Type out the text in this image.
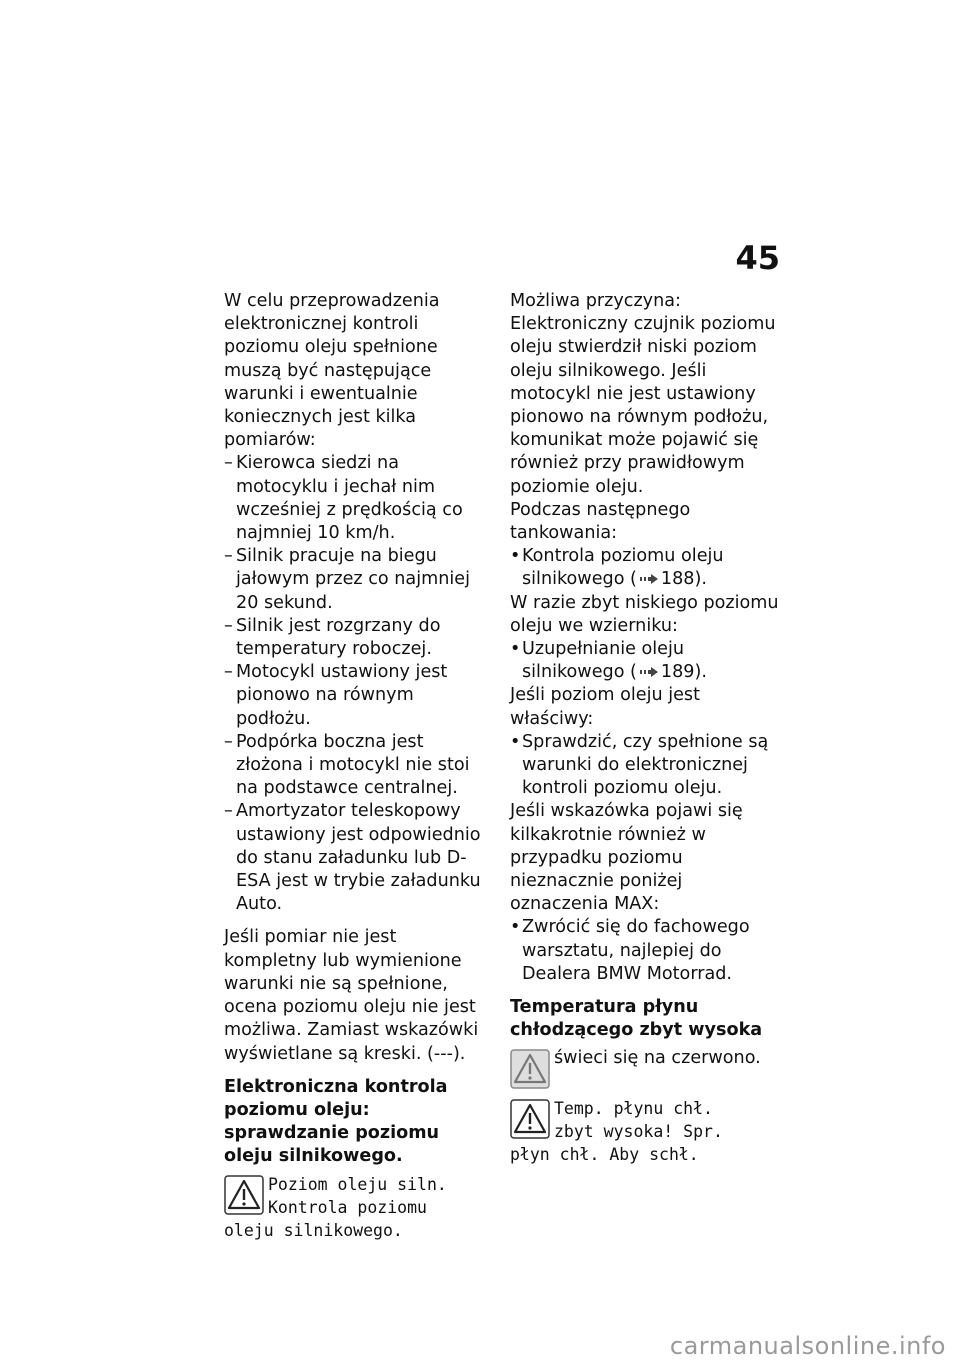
45

W celu przeprowadzenia elektronicznej kontroli poziomu oleju spełnione muszą być następujące warunki i ewentualnie koniecznych jest kilka pomiarów:

– Kierowca siedzi na motocyklu i jechał nim wcześniej z prędkością co najmniej 10 km/h.
– Silnik pracuje na biegu jałowym przez co najmniej 20 sekund.
– Silnik jest rozgrzany do temperatury roboczej.
– Motocykl ustawiony jest pionowo na równym podłożu.
– Podpórka boczna jest złożona i motocykl nie stoi na podstawce centralnej.
– Amortyzator teleskopowy ustawiony jest odpowiednio do stanu załadunku lub D-ESA jest w trybie załadunku Auto.

Jeśli pomiar nie jest kompletny lub wymienione warunki nie są spełnione, ocena poziomu oleju nie jest możliwa. Zamiast wskazówki wyświetlane są kreski. (---).

Elektroniczna kontrola poziomu oleju: sprawdzanie poziomu oleju silnikowego.

Poziom oleju siln.
Kontrola poziomu
oleju silnikowego.

Możliwa przyczyna:

Elektroniczny czujnik poziomu oleju stwierdził niski poziom oleju silnikowego. Jeśli motocykl nie jest ustawiony pionowo na równym podłożu, komunikat może pojawić się również przy prawidłowym poziomie oleju.

Podczas następnego tankowania:

• Kontrola poziomu oleju silnikowego ( 188).

W razie zbyt niskiego poziomu oleju we wzierniku:

• Uzupełnianie oleju silnikowego ( 189).

Jeśli poziom oleju jest właściwy:

• Sprawdzić, czy spełnione są warunki do elektronicznej kontroli poziomu oleju.

Jeśli wskazówka pojawi się kilkakrotnie również w przypadku poziomu nieznacznie poniżej oznaczenia MAX:

• Zwrócić się do fachowego warsztatu, najlepiej do Dealera BMW Motorrad.

Temperatura płynu chłodzącego zbyt wysoka

świeci się na czerwono.
Temp. płynu chł.
zbyt wysoka! Spr.
płyn chł. Aby schł.
carmanualsonline.info
